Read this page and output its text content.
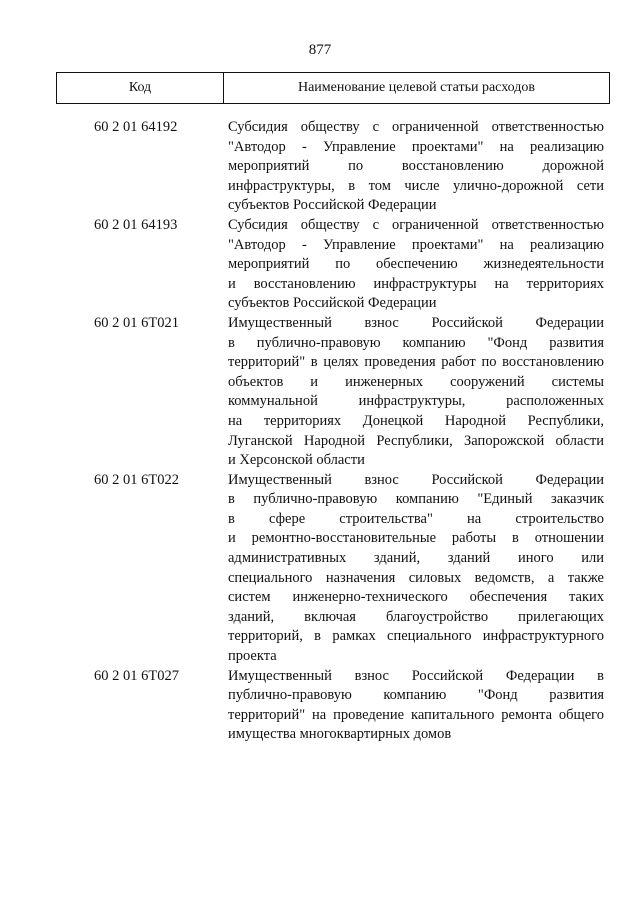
877
Код	Наименование целевой статьи расходов
60 2 01 64192	Субсидия обществу с ограниченной ответственностью
"Автодор - Управление проектами" на реализацию
мероприятий по восстановлению дорожной
инфраструктуры, в том числе улично-дорожной сети
субъектов Российской Федерации
60 2 01 64193	Субсидия обществу с ограниченной ответственностью
"Автодор - Управление проектами" на реализацию
мероприятий по обеспечению жизнедеятельности
и восстановлению инфраструктуры на территориях
субъектов Российской Федерации
60 2 01 6Т021	Имущественный взнос Российской Федерации
в публично-правовую компанию "Фонд развития
территорий" в целях проведения работ по восстановлению
объектов и инженерных сооружений системы
коммунальной инфраструктуры, расположенных
на территориях Донецкой Народной Республики,
Луганской Народной Республики, Запорожской области
и Херсонской области
60 2 01 6Т022	Имущественный взнос Российской Федерации
в публично-правовую компанию "Единый заказчик
в сфере строительства" на строительство
и ремонтно-восстановительные работы в отношении
административных зданий, зданий иного или
специального назначения силовых ведомств, а также
систем инженерно-технического обеспечения таких
зданий, включая благоустройство прилегающих
территорий, в рамках специального инфраструктурного
проекта
60 2 01 6Т027	Имущественный взнос Российской Федерации в
публично-правовую компанию "Фонд развития
территорий" на проведение капитального ремонта общего
имущества многоквартирных домов
